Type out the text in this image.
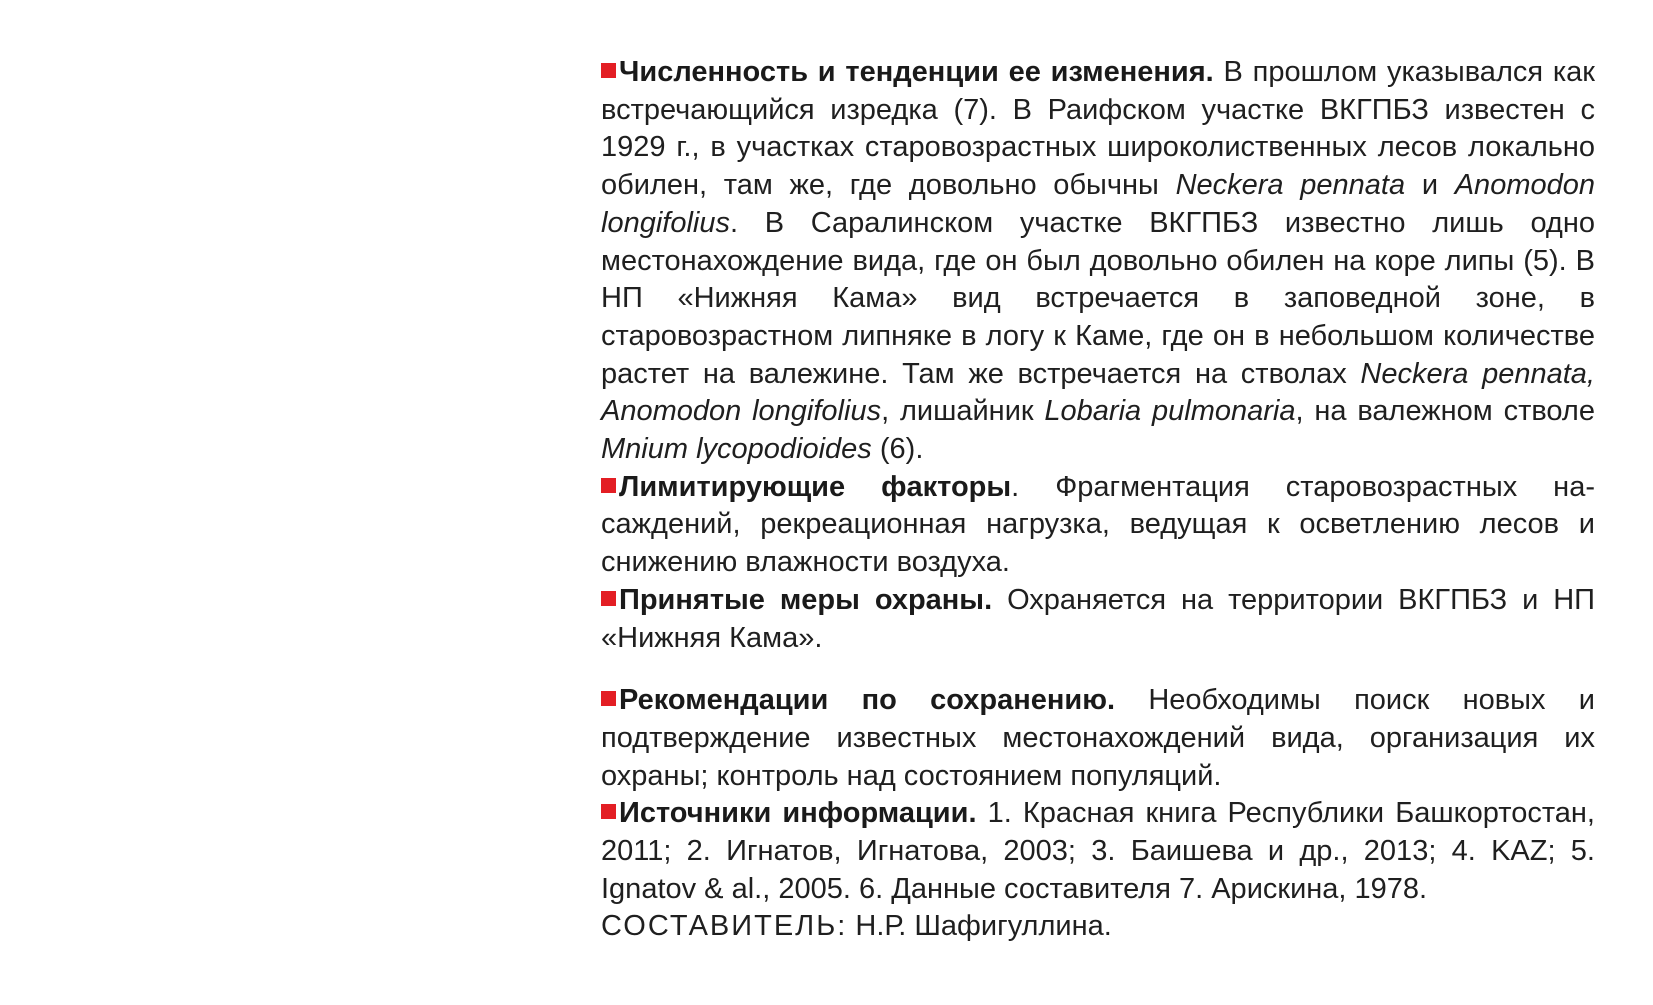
Численность и тенденции ее изменения. В прошлом указывался как встречающийся изредка (7). В Раифском участке ВКГПБЗ известен с 1929 г., в участках старовозрастных широколиственных лесов локально обилен, там же, где довольно обычны Neckera pennata и Anomodon longifolius. В Саралинском участке ВКГПБЗ известно лишь одно местонахождение вида, где он был довольно обилен на коре липы (5). В НП «Нижняя Кама» вид встречается в заповедной зоне, в старовозрастном липняке в логу к Каме, где он в небольшом количестве растет на валежине. Там же встречается на стволах Neckera pennata, Anomodon longifolius, лишайник Lobaria pulmonaria, на валежном стволе Mnium lycopodioides (6).

Лимитирующие факторы. Фрагментация старовозрастных насаждений, рекреационная нагрузка, ведущая к осветлению лесов и снижению влажности воздуха.

Принятые меры охраны. Охраняется на территории ВКГПБЗ и НП «Нижняя Кама».

Рекомендации по сохранению. Необходимы поиск новых и подтверждение известных местонахождений вида, организация их охраны; контроль над состоянием популяций.

Источники информации. 1. Красная книга Республики Башкортостан, 2011; 2. Игнатов, Игнатова, 2003; 3. Баишева и др., 2013; 4. KAZ; 5. Ignatov & al., 2005. 6. Данные составителя 7. Арискина, 1978.

СОСТАВИТЕЛЬ: Н.Р. Шафигуллина.
